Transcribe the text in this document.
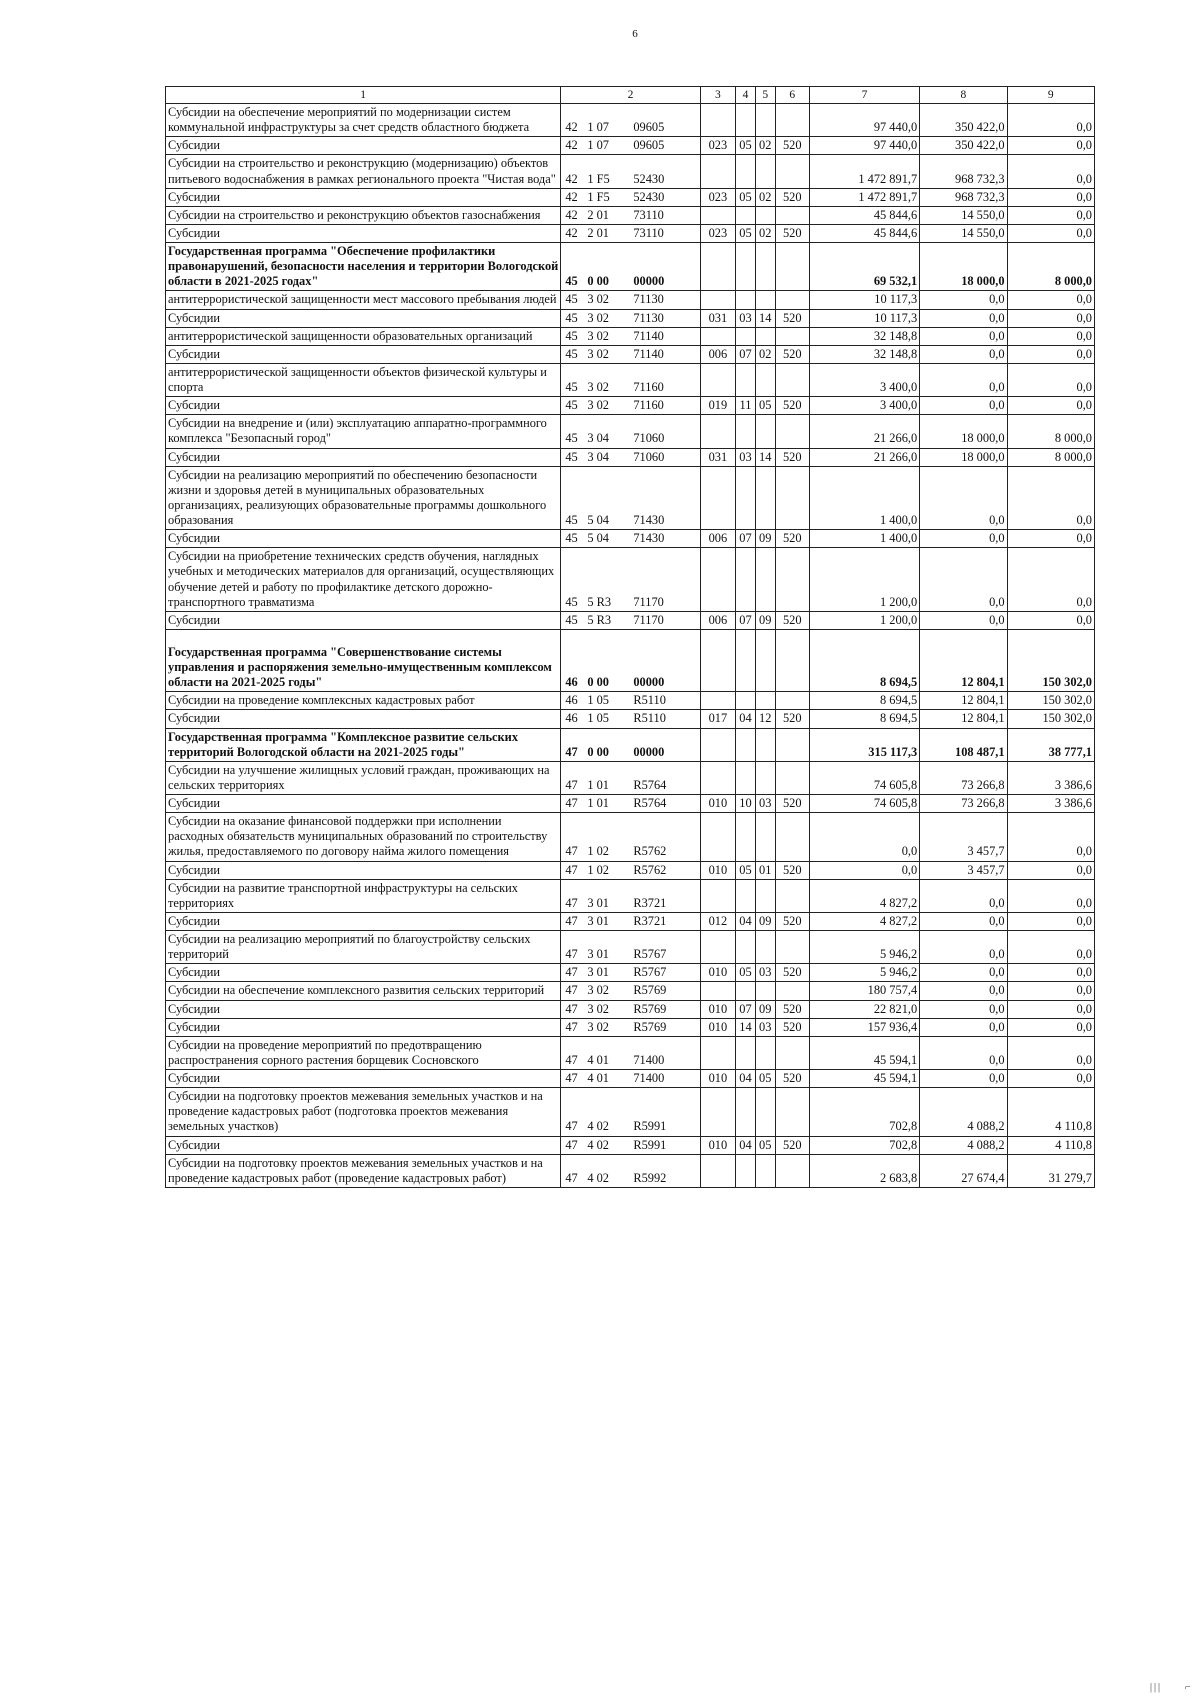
6
1	2	3	4	5	6	7	8	9
Субсидии на обеспечение мероприятий по модернизации систем коммунальной инфраструктуры за счет средств областного бюджета	42 1 07 09605					97 440,0	350 422,0	0,0
Субсидии	42 1 07 09605	023	05	02	520	97 440,0	350 422,0	0,0
Субсидии на строительство и реконструкцию (модернизацию) объектов питьевого водоснабжения в рамках регионального проекта "Чистая вода"	42 1 F5 52430					1 472 891,7	968 732,3	0,0
Субсидии	42 1 F5 52430	023	05	02	520	1 472 891,7	968 732,3	0,0
Субсидии на строительство и реконструкцию объектов газоснабжения	42 2 01 73110					45 844,6	14 550,0	0,0
Субсидии	42 2 01 73110	023	05	02	520	45 844,6	14 550,0	0,0
Государственная программа "Обеспечение профилактики правонарушений, безопасности населения и территории Вологодской области в 2021-2025 годах"	45 0 00 00000					69 532,1	18 000,0	8 000,0
антитеррористической защищенности мест массового пребывания людей	45 3 02 71130					10 117,3	0,0	0,0
Субсидии	45 3 02 71130	031	03	14	520	10 117,3	0,0	0,0
антитеррористической защищенности образовательных организаций	45 3 02 71140					32 148,8	0,0	0,0
Субсидии	45 3 02 71140	006	07	02	520	32 148,8	0,0	0,0
антитеррористической защищенности объектов физической культуры и спорта	45 3 02 71160					3 400,0	0,0	0,0
Субсидии	45 3 02 71160	019	11	05	520	3 400,0	0,0	0,0
Субсидии на внедрение и (или) эксплуатацию аппаратно-программного комплекса "Безопасный город"	45 3 04 71060					21 266,0	18 000,0	8 000,0
Субсидии	45 3 04 71060	031	03	14	520	21 266,0	18 000,0	8 000,0
Субсидии на реализацию мероприятий по обеспечению безопасности жизни и здоровья детей в муниципальных образовательных организациях, реализующих образовательные программы дошкольного образования	45 5 04 71430					1 400,0	0,0	0,0
Субсидии	45 5 04 71430	006	07	09	520	1 400,0	0,0	0,0
Субсидии на приобретение технических средств обучения, наглядных учебных и методических материалов для организаций, осуществляющих обучение детей и работу по профилактике детского дорожно-транспортного травматизма	45 5 R3 71170					1 200,0	0,0	0,0
Субсидии	45 5 R3 71170	006	07	09	520	1 200,0	0,0	0,0

Государственная программа "Совершенствование системы управления и распоряжения земельно-имущественным комплексом области на 2021-2025 годы"	46 0 00 00000					8 694,5	12 804,1	150 302,0
Субсидии на проведение комплексных кадастровых работ	46 1 05 R5110					8 694,5	12 804,1	150 302,0
Субсидии	46 1 05 R5110	017	04	12	520	8 694,5	12 804,1	150 302,0
Государственная программа "Комплексное развитие сельских территорий Вологодской области на 2021-2025 годы"	47 0 00 00000					315 117,3	108 487,1	38 777,1
Субсидии на улучшение жилищных условий граждан, проживающих на сельских территориях	47 1 01 R5764					74 605,8	73 266,8	3 386,6
Субсидии	47 1 01 R5764	010	10	03	520	74 605,8	73 266,8	3 386,6
Субсидии на оказание финансовой поддержки при исполнении расходных обязательств муниципальных образований по строительству жилья, предоставляемого по договору найма жилого помещения	47 1 02 R5762					0,0	3 457,7	0,0
Субсидии	47 1 02 R5762	010	05	01	520	0,0	3 457,7	0,0
Субсидии на развитие транспортной инфраструктуры на сельских территориях	47 3 01 R3721					4 827,2	0,0	0,0
Субсидии	47 3 01 R3721	012	04	09	520	4 827,2	0,0	0,0
Субсидии на реализацию мероприятий по благоустройству сельских территорий	47 3 01 R5767					5 946,2	0,0	0,0
Субсидии	47 3 01 R5767	010	05	03	520	5 946,2	0,0	0,0
Субсидии на обеспечение комплексного развития сельских территорий	47 3 02 R5769					180 757,4	0,0	0,0
Субсидии	47 3 02 R5769	010	07	09	520	22 821,0	0,0	0,0
Субсидии	47 3 02 R5769	010	14	03	520	157 936,4	0,0	0,0
Субсидии на проведение мероприятий по предотвращению распространения сорного растения борщевик Сосновского	47 4 01 71400					45 594,1	0,0	0,0
Субсидии	47 4 01 71400	010	04	05	520	45 594,1	0,0	0,0
Субсидии на подготовку проектов межевания земельных участков и на проведение кадастровых работ (подготовка проектов межевания земельных участков)	47 4 02 R5991					702,8	4 088,2	4 110,8
Субсидии	47 4 02 R5991	010	04	05	520	702,8	4 088,2	4 110,8
Субсидии на подготовку проектов межевания земельных участков и на проведение кадастровых работ (проведение кадастровых работ)	47 4 02 R5992					2 683,8	27 674,4	31 279,7
||| ⌐
